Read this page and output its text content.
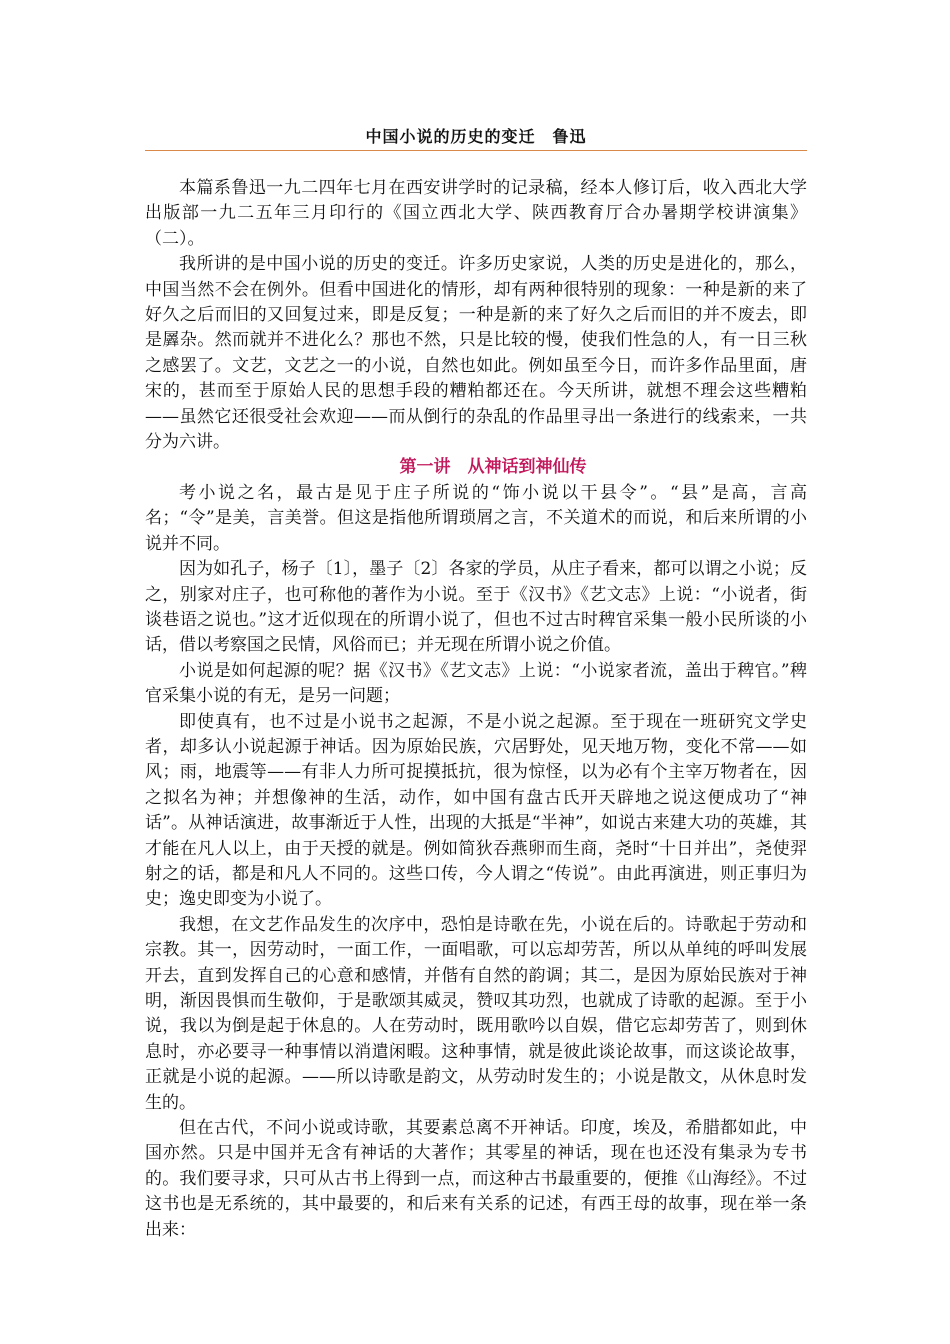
中国小说的历史的变迁　鲁迅

本篇系鲁迅一九二四年七月在西安讲学时的记录稿，经本人修订后，收入西北大学出版部一九二五年三月印行的《国立西北大学、陕西教育厅合办暑期学校讲演集》（二）。

我所讲的是中国小说的历史的变迁。许多历史家说，人类的历史是进化的，那么，中国当然不会在例外。但看中国进化的情形，却有两种很特别的现象：一种是新的来了好久之后而旧的又回复过来，即是反复；一种是新的来了好久之后而旧的并不废去，即是羼杂。然而就并不进化么？那也不然，只是比较的慢，使我们性急的人，有一日三秋之感罢了。文艺，文艺之一的小说，自然也如此。例如虽至今日，而许多作品里面，唐宋的，甚而至于原始人民的思想手段的糟粕都还在。今天所讲，就想不理会这些糟粕——虽然它还很受社会欢迎——而从倒行的杂乱的作品里寻出一条进行的线索来，一共分为六讲。

第一讲　从神话到神仙传

考小说之名，最古是见于庄子所说的“饰小说以干县令”。“县”是高，言高名；“令”是美，言美誉。但这是指他所谓琐屑之言，不关道术的而说，和后来所谓的小说并不同。

因为如孔子，杨子〔1〕，墨子〔2〕各家的学员，从庄子看来，都可以谓之小说；反之，别家对庄子，也可称他的著作为小说。至于《汉书》《艺文志》上说：“小说者，街谈巷语之说也。”这才近似现在的所谓小说了，但也不过古时稗官采集一般小民所谈的小话，借以考察国之民情，风俗而已；并无现在所谓小说之价值。

小说是如何起源的呢？据《汉书》《艺文志》上说：“小说家者流，盖出于稗官。”稗官采集小说的有无，是另一问题；

即使真有，也不过是小说书之起源，不是小说之起源。至于现在一班研究文学史者，却多认小说起源于神话。因为原始民族，穴居野处，见天地万物，变化不常——如风；雨，地震等——有非人力所可捉摸抵抗，很为惊怪，以为必有个主宰万物者在，因之拟名为神；并想像神的生活，动作，如中国有盘古氏开天辟地之说这便成功了“神话”。从神话演进，故事渐近于人性，出现的大抵是“半神”，如说古来建大功的英雄，其才能在凡人以上，由于天授的就是。例如简狄吞燕卵而生商，尧时“十日并出”，尧使羿射之的话，都是和凡人不同的。这些口传，今人谓之“传说”。由此再演进，则正事归为史；逸史即变为小说了。

我想，在文艺作品发生的次序中，恐怕是诗歌在先，小说在后的。诗歌起于劳动和宗教。其一，因劳动时，一面工作，一面唱歌，可以忘却劳苦，所以从单纯的呼叫发展开去，直到发挥自己的心意和感情，并偕有自然的韵调；其二，是因为原始民族对于神明，渐因畏惧而生敬仰，于是歌颂其威灵，赞叹其功烈，也就成了诗歌的起源。至于小说，我以为倒是起于休息的。人在劳动时，既用歌吟以自娱，借它忘却劳苦了，则到休息时，亦必要寻一种事情以消遣闲暇。这种事情，就是彼此谈论故事，而这谈论故事，正就是小说的起源。——所以诗歌是韵文，从劳动时发生的；小说是散文，从休息时发生的。

但在古代，不问小说或诗歌，其要素总离不开神话。印度，埃及，希腊都如此，中国亦然。只是中国并无含有神话的大著作；其零星的神话，现在也还没有集录为专书的。我们要寻求，只可从古书上得到一点，而这种古书最重要的，便推《山海经》。不过这书也是无系统的，其中最要的，和后来有关系的记述，有西王母的故事，现在举一条出来：
